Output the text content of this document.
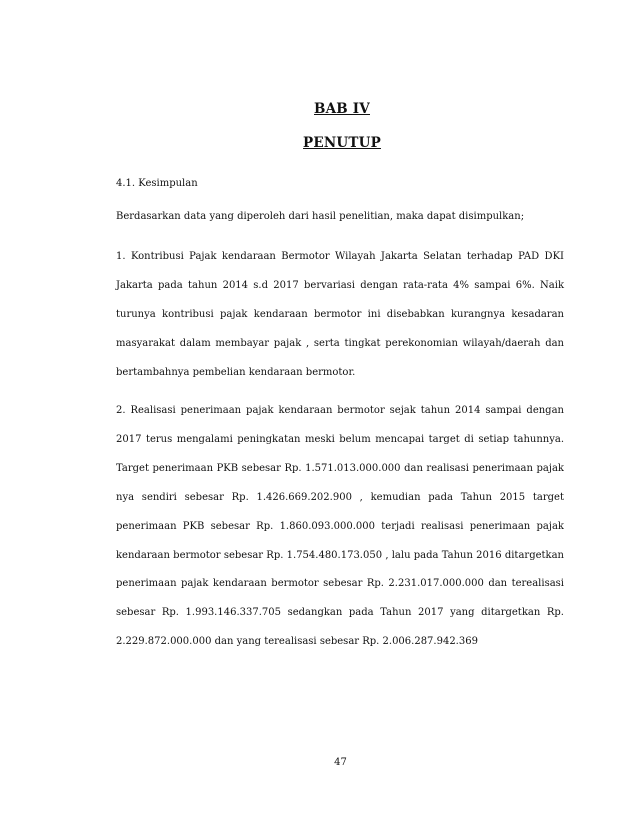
BAB IV
PENUTUP
4.1. Kesimpulan
Berdasarkan data yang diperoleh dari hasil penelitian, maka dapat disimpulkan;
1. Kontribusi Pajak kendaraan Bermotor Wilayah Jakarta Selatan terhadap PAD DKI Jakarta pada tahun 2014 s.d 2017 bervariasi dengan rata-rata 4% sampai 6%. Naik turunya kontribusi pajak kendaraan bermotor ini disebabkan kurangnya kesadaran masyarakat dalam membayar pajak , serta tingkat perekonomian wilayah/daerah dan bertambahnya pembelian kendaraan bermotor.
2. Realisasi penerimaan pajak kendaraan bermotor sejak tahun 2014 sampai dengan 2017 terus mengalami peningkatan meski belum mencapai target di setiap tahunnya. Target penerimaan PKB sebesar Rp. 1.571.013.000.000 dan realisasi penerimaan pajak nya sendiri sebesar Rp. 1.426.669.202.900 , kemudian pada Tahun 2015 target penerimaan PKB sebesar Rp. 1.860.093.000.000 terjadi realisasi penerimaan pajak kendaraan bermotor sebesar Rp. 1.754.480.173.050 , lalu pada Tahun 2016 ditargetkan penerimaan pajak kendaraan bermotor sebesar Rp. 2.231.017.000.000 dan terealisasi sebesar Rp. 1.993.146.337.705 sedangkan pada Tahun 2017 yang ditargetkan Rp. 2.229.872.000.000 dan yang terealisasi sebesar Rp. 2.006.287.942.369
47
